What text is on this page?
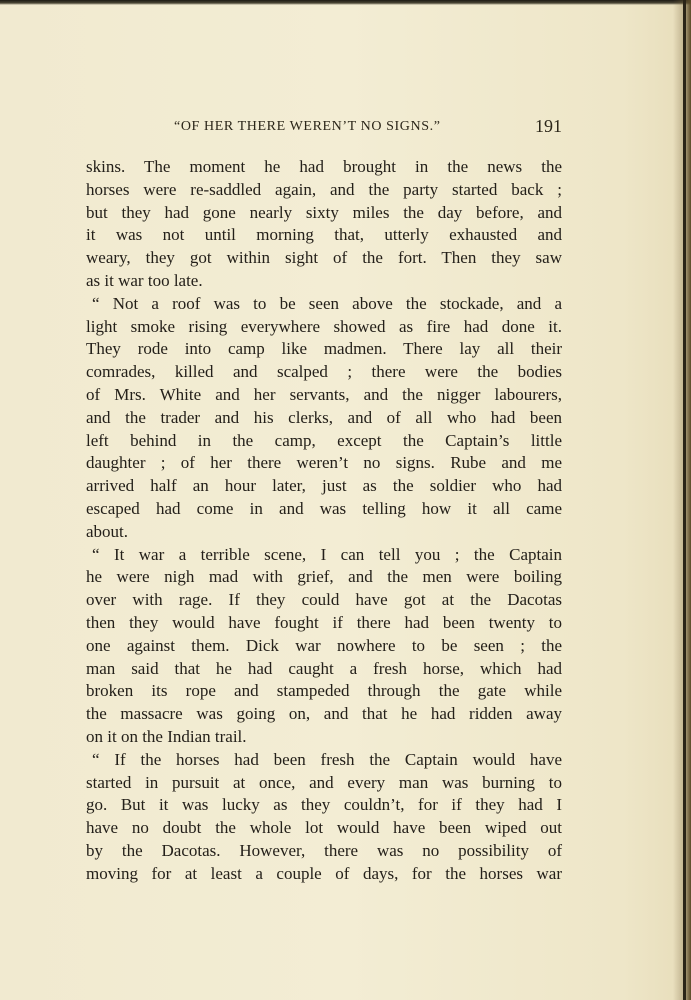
“OF HER THERE WEREN’T NO SIGNS.”	191
skins. The moment he had brought in the news the
horses were re-saddled again, and the party started back ;
but they had gone nearly sixty miles the day before, and
it was not until morning that, utterly exhausted and
weary, they got within sight of the fort. Then they saw
as it war too late.
“ Not a roof was to be seen above the stockade, and a
light smoke rising everywhere showed as fire had done it.
They rode into camp like madmen. There lay all their
comrades, killed and scalped ; there were the bodies
of Mrs. White and her servants, and the nigger labourers,
and the trader and his clerks, and of all who had been
left behind in the camp, except the Captain’s little
daughter ; of her there weren’t no signs. Rube and me
arrived half an hour later, just as the soldier who had
escaped had come in and was telling how it all came
about.
“ It war a terrible scene, I can tell you ; the Captain
he were nigh mad with grief, and the men were boiling
over with rage. If they could have got at the Dacotas
then they would have fought if there had been twenty to
one against them. Dick war nowhere to be seen ; the
man said that he had caught a fresh horse, which had
broken its rope and stampeded through the gate while
the massacre was going on, and that he had ridden away
on it on the Indian trail.
“ If the horses had been fresh the Captain would have
started in pursuit at once, and every man was burning to
go. But it was lucky as they couldn’t, for if they had I
have no doubt the whole lot would have been wiped out
by the Dacotas. However, there was no possibility of
moving for at least a couple of days, for the horses war
